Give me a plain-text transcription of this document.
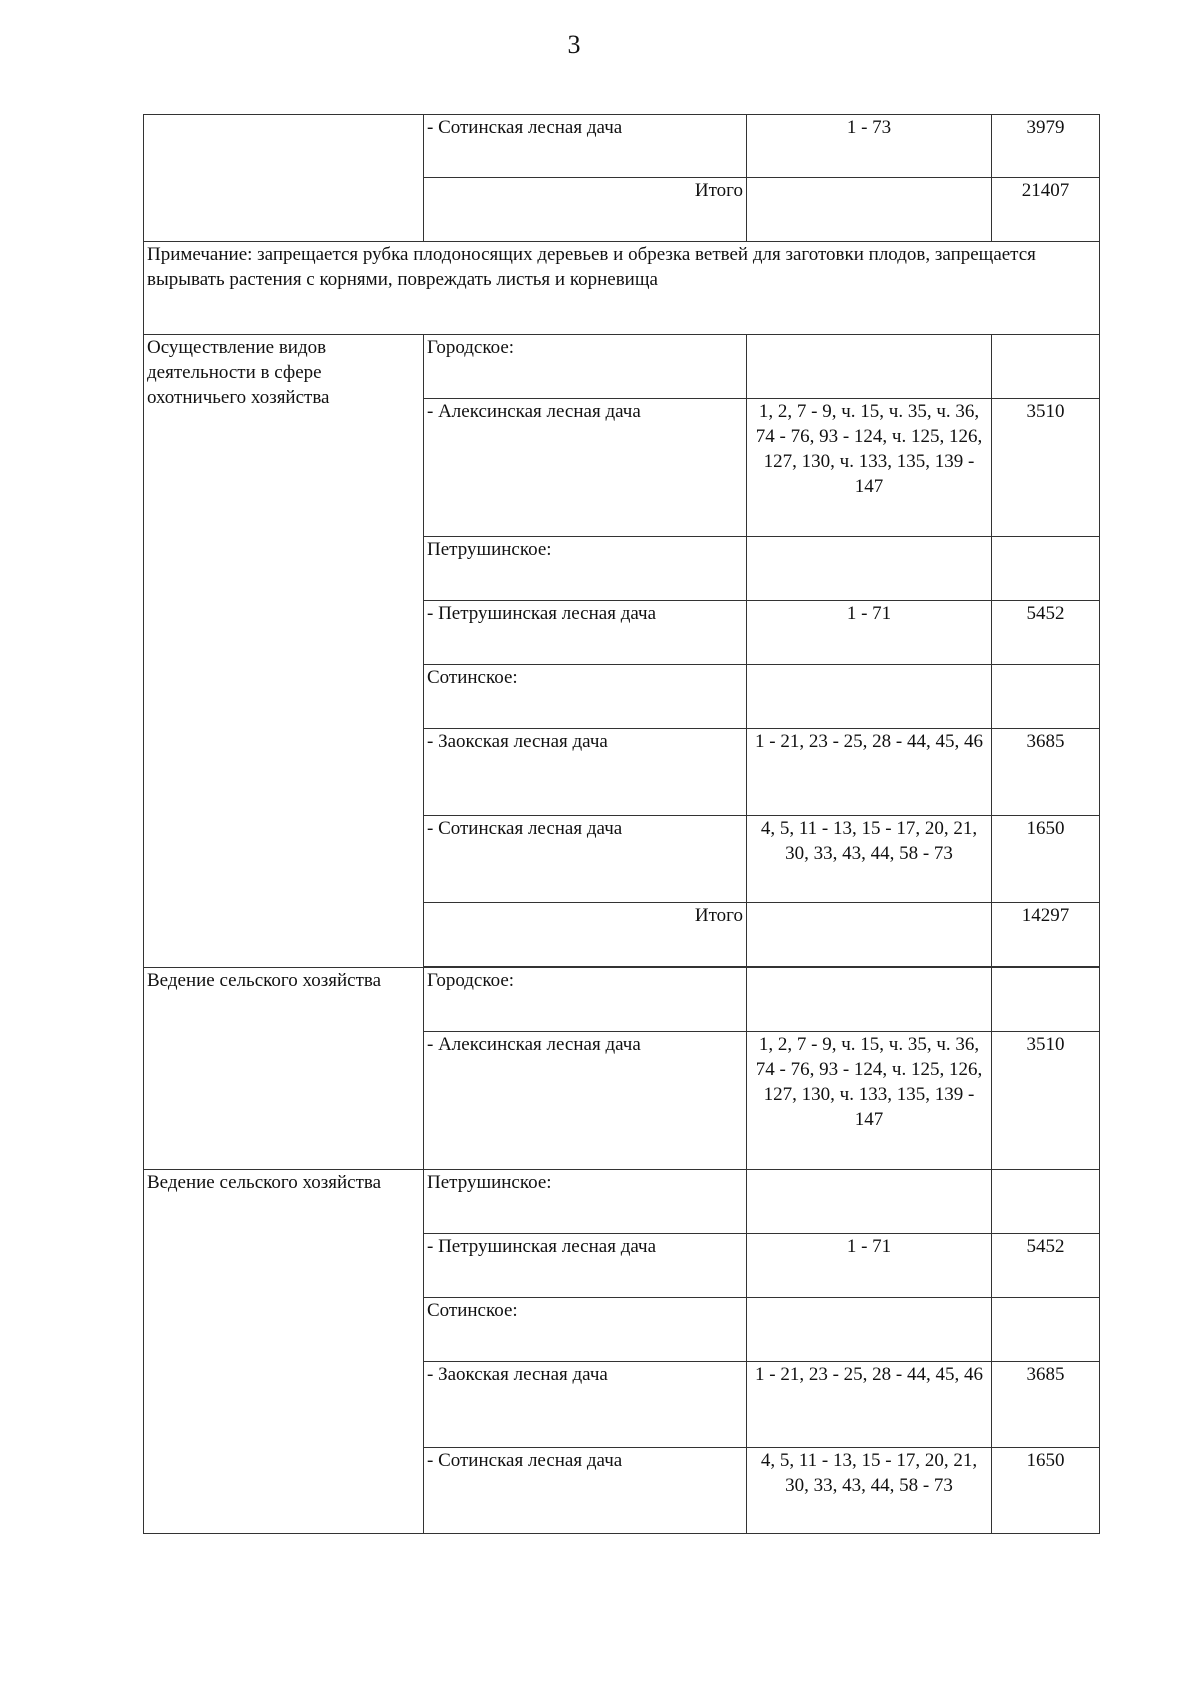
3
	- Сотинская лесная дача	1 - 73	3979
	Итого		21407
Примечание: запрещается рубка плодоносящих деревьев и обрезка ветвей для заготовки плодов, запрещается вырывать растения с корнями, повреждать листья и корневища			
Осуществление видов деятельности в сфере охотничьего хозяйства	Городское:		
	- Алексинская лесная дача	1, 2, 7 - 9, ч. 15, ч. 35, ч. 36, 74 - 76, 93 - 124, ч. 125, 126, 127, 130, ч. 133, 135, 139 - 147	3510
	Петрушинское:		
	- Петрушинская лесная дача	1 - 71	5452
	Сотинское:		
	- Заокская лесная дача	1 - 21, 23 - 25, 28 - 44, 45, 46	3685
	- Сотинская лесная дача	4, 5, 11 - 13, 15 - 17, 20, 21, 30, 33, 43, 44, 58 - 73	1650
	Итого		14297

Ведение сельского хозяйства	Городское:		
	- Алексинская лесная дача	1, 2, 7 - 9, ч. 15, ч. 35, ч. 36, 74 - 76, 93 - 124, ч. 125, 126, 127, 130, ч. 133, 135, 139 - 147	3510
Ведение сельского хозяйства	Петрушинское:		
	- Петрушинская лесная дача	1 - 71	5452
	Сотинское:		
	- Заокская лесная дача	1 - 21, 23 - 25, 28 - 44, 45, 46	3685
	- Сотинская лесная дача	4, 5, 11 - 13, 15 - 17, 20, 21, 30, 33, 43, 44, 58 - 73	1650
